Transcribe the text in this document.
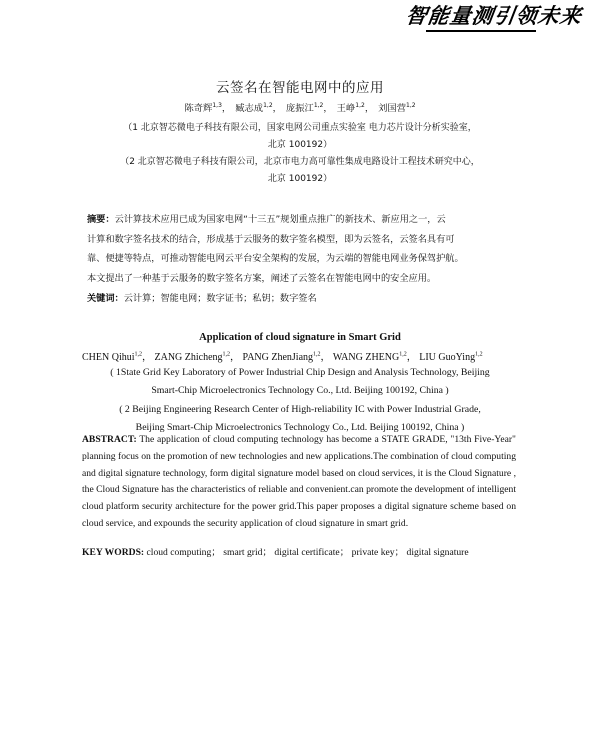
智能量测引领未来
云签名在智能电网中的应用
陈奇辉$^{1,3}$， 臧志成$^{1,2}$， 庞振江$^{1,2}$， 王峥$^{1,2}$， 刘国营$^{1,2}$
（1 北京智芯微电子科技有限公司，国家电网公司重点实验室 电力芯片设计分析实验室，
北京 100192）
（2 北京智芯微电子科技有限公司，北京市电力高可靠性集成电路设计工程技术研究中心，
北京 100192）
摘要：云计算技术应用已成为国家电网“十三五”规划重点推广的新技术、新应用之一，云
计算和数字签名技术的结合，形成基于云服务的数字签名模型，即为云签名，云签名具有可
靠、便捷等特点，可推动智能电网云平台安全架构的发展，为云端的智能电网业务保驾护航。
本文提出了一种基于云服务的数字签名方案，阐述了云签名在智能电网中的安全应用。
关键词：云计算；智能电网；数字证书；私钥；数字签名
Application of cloud signature in Smart Grid
CHEN Qihui$^{1,2}$， ZANG Zhicheng$^{1,2}$， PANG ZhenJiang$^{1,2}$， WANG ZHENG$^{1,2}$， LIU GuoYing$^{1,2}$
( 1State Grid Key Laboratory of Power Industrial Chip Design and Analysis Technology, Beijing
Smart-Chip Microelectronics Technology Co., Ltd. Beijing 100192, China )
( 2 Beijing Engineering Research Center of High-reliability IC with Power Industrial Grade,
Beijing Smart-Chip Microelectronics Technology Co., Ltd. Beijing 100192, China )
ABSTRACT: The application of cloud computing technology has become a STATE GRADE, "13th Five-Year" planning focus on the promotion of new technologies and new applications.The combination of cloud computing and digital signature technology, form digital signature model based on cloud services, it is the Cloud Signature , the Cloud Signature has the characteristics of reliable and convenient.can promote the development of intelligent cloud platform security architecture for the power grid.This paper proposes a digital signature scheme based on cloud service, and expounds the security application of cloud signature in smart grid.
KEY WORDS: cloud computing； smart grid； digital certificate； private key； digital signature
